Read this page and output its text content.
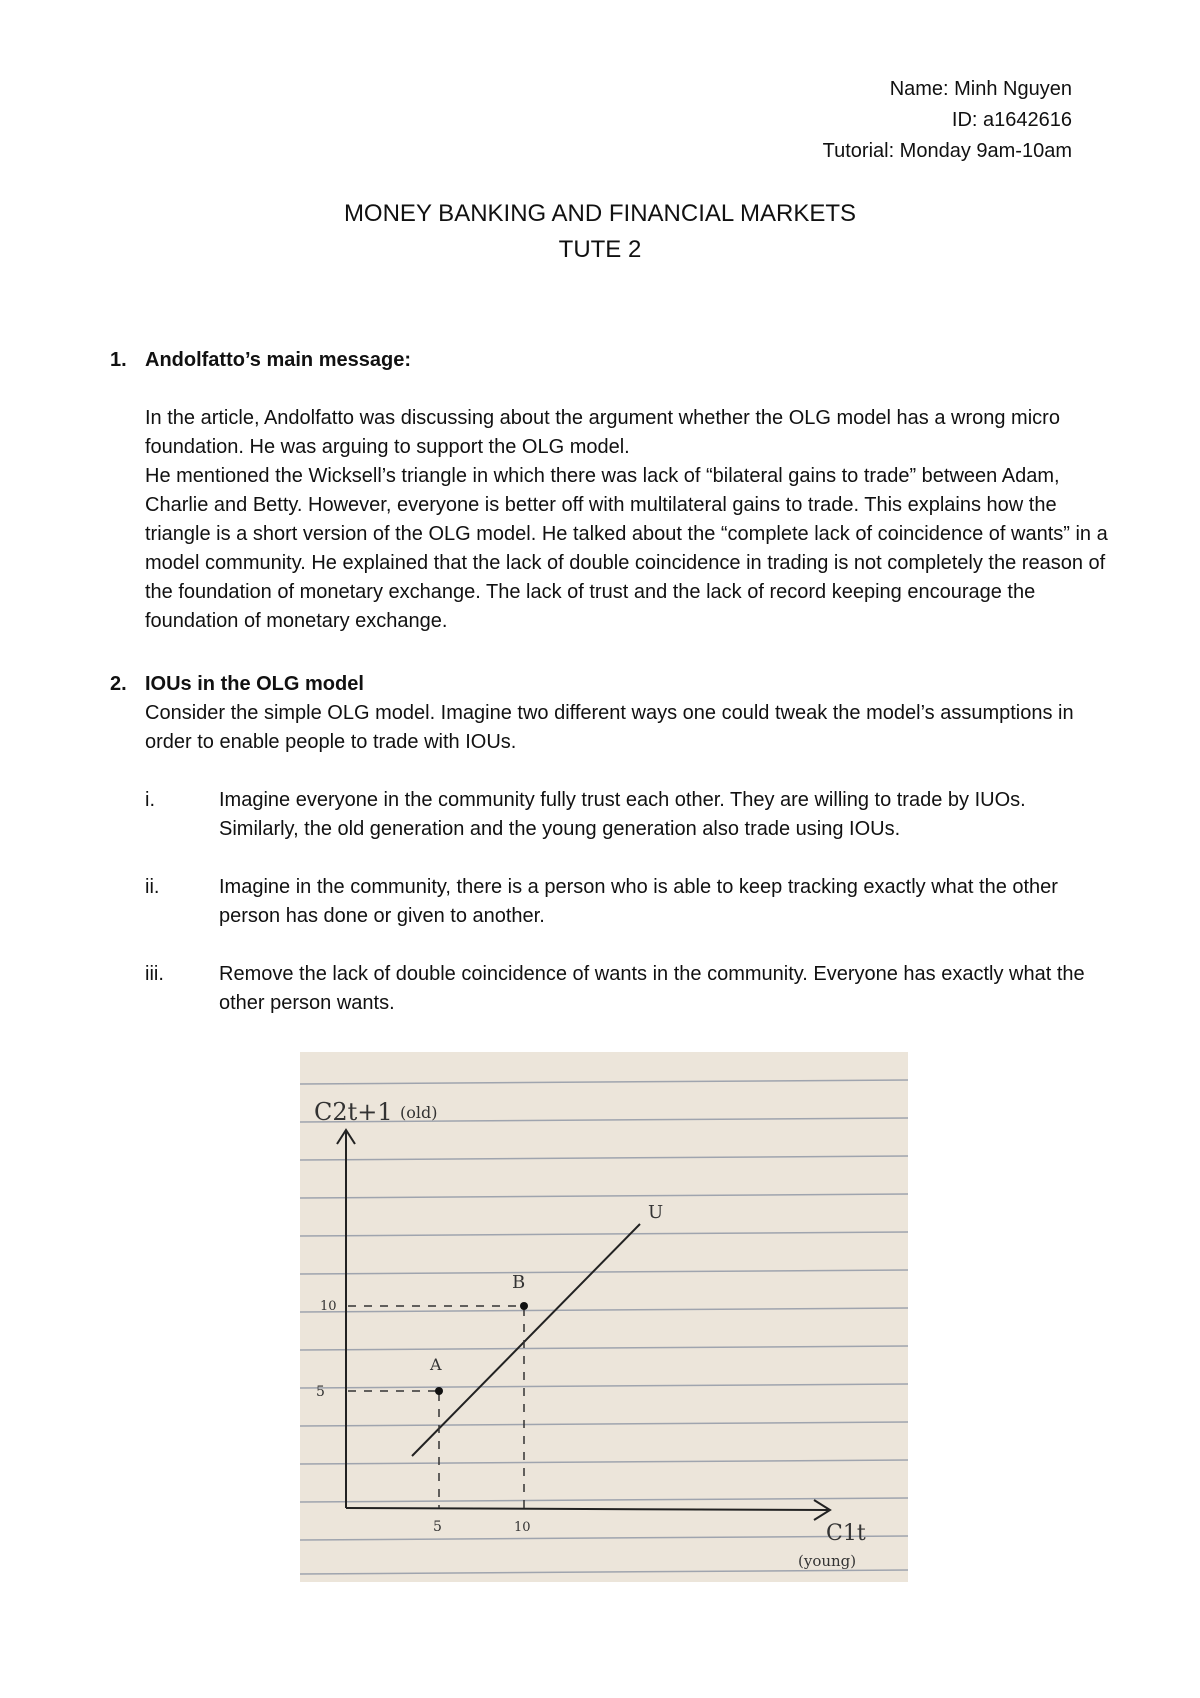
Name: Minh Nguyen
ID: a1642616
Tutorial: Monday 9am-10am
MONEY BANKING AND FINANCIAL MARKETS
TUTE 2
1. Andolfatto’s main message:

In the article, Andolfatto was discussing about the argument whether the OLG model has a wrong micro foundation. He was arguing to support the OLG model.

He mentioned the Wicksell’s triangle in which there was lack of “bilateral gains to trade” between Adam, Charlie and Betty. However, everyone is better off with multilateral gains to trade. This explains how the triangle is a short version of the OLG model. He talked about the “complete lack of coincidence of wants” in a model community. He explained that the lack of double coincidence in trading is not completely the reason of the foundation of monetary exchange. The lack of trust and the lack of record keeping encourage the foundation of monetary exchange.

2. IOUs in the OLG model

Consider the simple OLG model. Imagine two different ways one could tweak the model’s assumptions in order to enable people to trade with IOUs.

i.	Imagine everyone in the community fully trust each other. They are willing to trade by IUOs. Similarly, the old generation and the young generation also trade using IOUs.
ii.	Imagine in the community, there is a person who is able to keep tracking exactly what the other person has done or given to another.
iii.	Remove the lack of double coincidence of wants in the community. Everyone has exactly what the other person wants.
A
B
U
10
5
5	10
C2t+1 (old)
C1t
(young)
